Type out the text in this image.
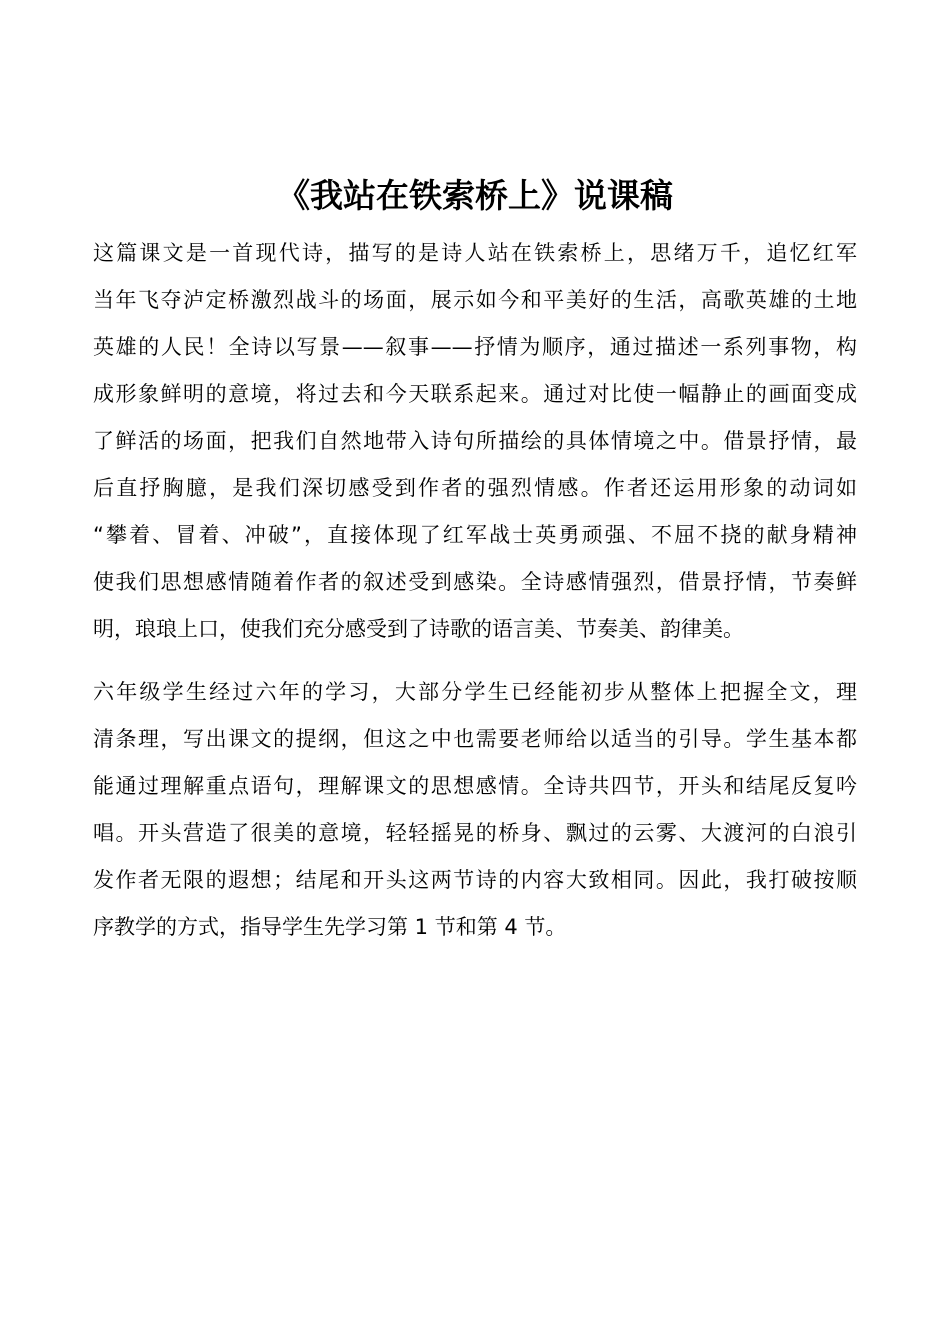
《我站在铁索桥上》说课稿
这篇课文是一首现代诗，描写的是诗人站在铁索桥上，思绪万千，追忆红军
当年飞夺泸定桥激烈战斗的场面，展示如今和平美好的生活，高歌英雄的土地
英雄的人民！全诗以写景——叙事——抒情为顺序，通过描述一系列事物，构
成形象鲜明的意境，将过去和今天联系起来。通过对比使一幅静止的画面变成
了鲜活的场面，把我们自然地带入诗句所描绘的具体情境之中。借景抒情，最
后直抒胸臆，是我们深切感受到作者的强烈情感。作者还运用形象的动词如
“攀着、冒着、冲破”，直接体现了红军战士英勇顽强、不屈不挠的献身精神
使我们思想感情随着作者的叙述受到感染。全诗感情强烈，借景抒情，节奏鲜
明，琅琅上口，使我们充分感受到了诗歌的语言美、节奏美、韵律美。
六年级学生经过六年的学习，大部分学生已经能初步从整体上把握全文，理
清条理，写出课文的提纲，但这之中也需要老师给以适当的引导。学生基本都
能通过理解重点语句，理解课文的思想感情。全诗共四节，开头和结尾反复吟
唱。开头营造了很美的意境，轻轻摇晃的桥身、飘过的云雾、大渡河的白浪引
发作者无限的遐想；结尾和开头这两节诗的内容大致相同。因此，我打破按顺
序教学的方式，指导学生先学习第 1 节和第 4 节。
